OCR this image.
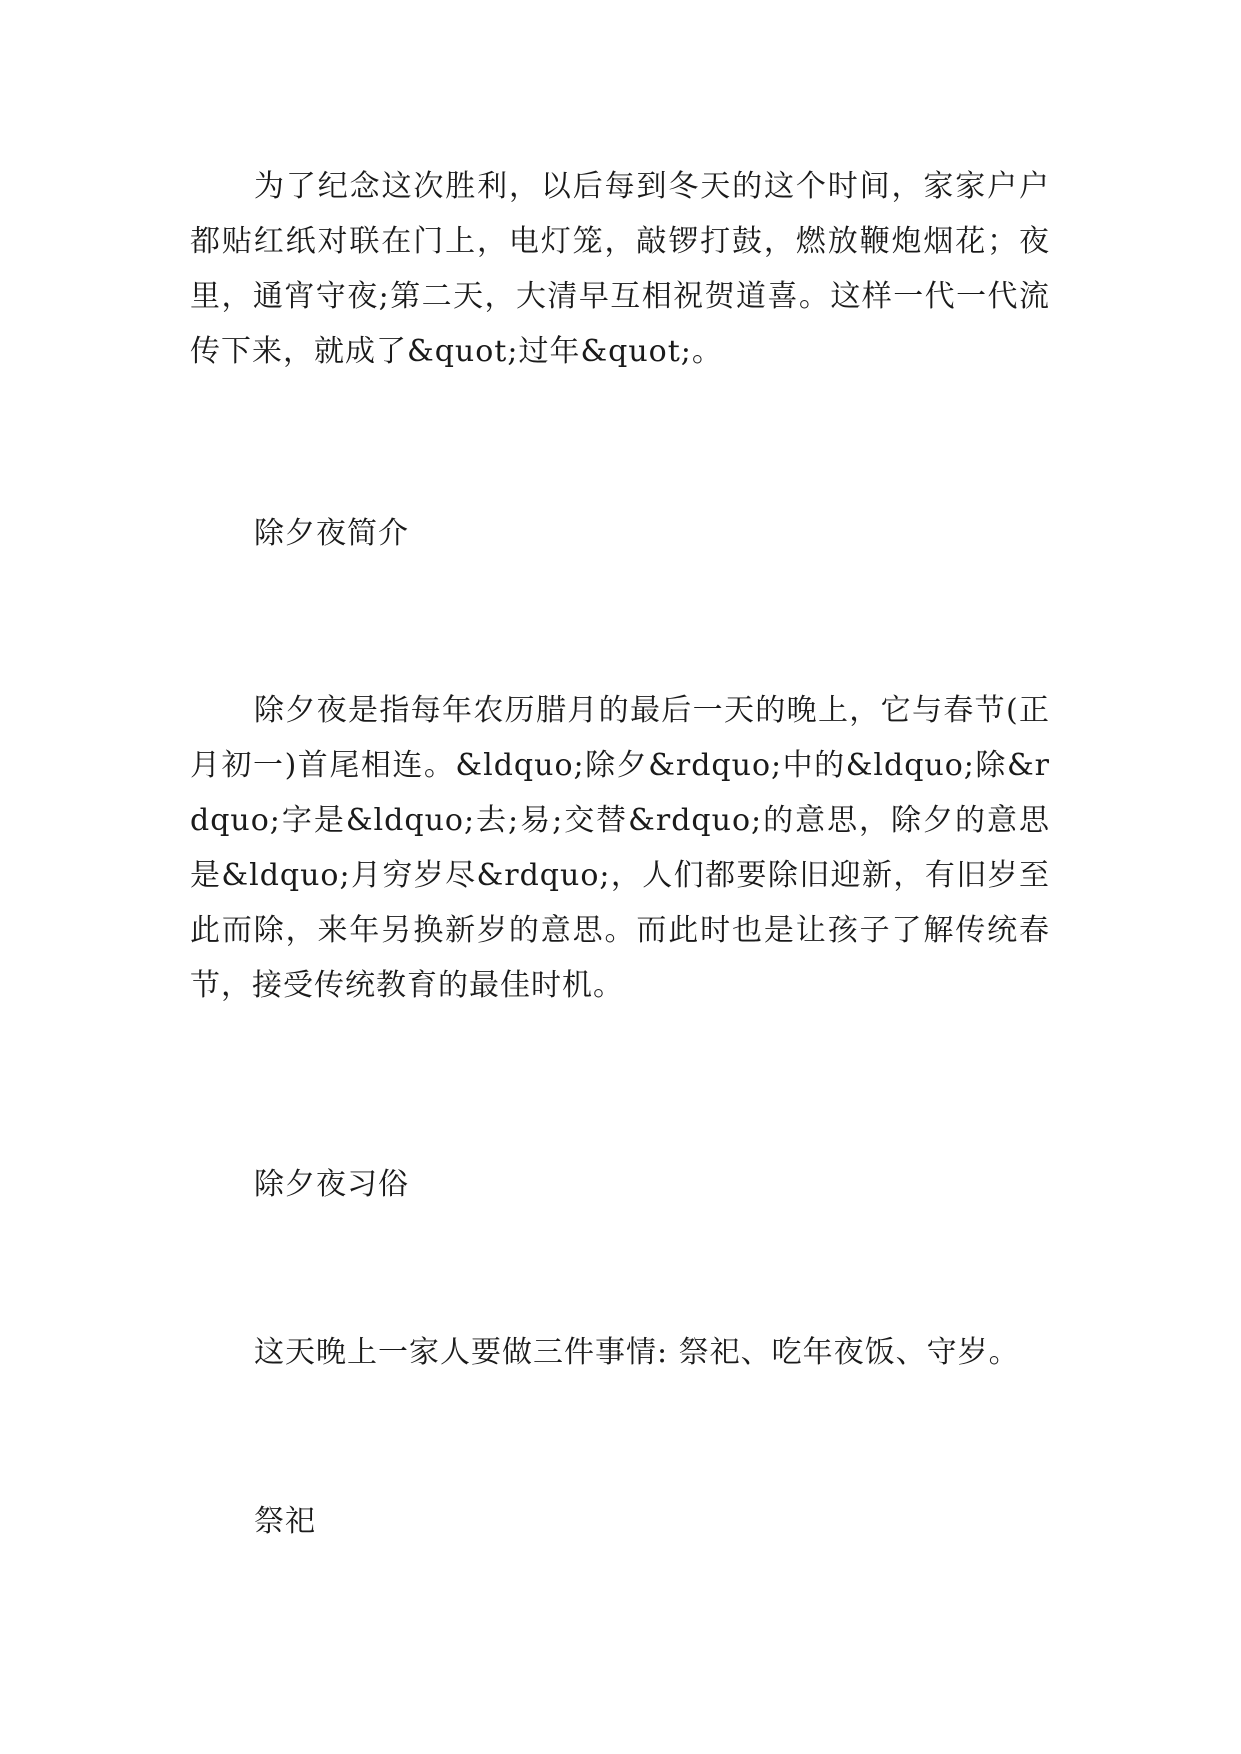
为了纪念这次胜利，以后每到冬天的这个时间，家家户户都贴红纸对联在门上，电灯笼，敲锣打鼓，燃放鞭炮烟花；夜里，通宵守夜;第二天，大清早互相祝贺道喜。这样一代一代流传下来，就成了&quot;过年&quot;。

除夕夜简介

除夕夜是指每年农历腊月的最后一天的晚上，它与春节(正月初一)首尾相连。&ldquo;除夕&rdquo;中的&ldquo;除&rdquo;字是&ldquo;去;易;交替&rdquo;的意思，除夕的意思是&ldquo;月穷岁尽&rdquo;，人们都要除旧迎新，有旧岁至此而除，来年另换新岁的意思。而此时也是让孩子了解传统春节，接受传统教育的最佳时机。

除夕夜习俗

这天晚上一家人要做三件事情: 祭祀、吃年夜饭、守岁。

祭祀
